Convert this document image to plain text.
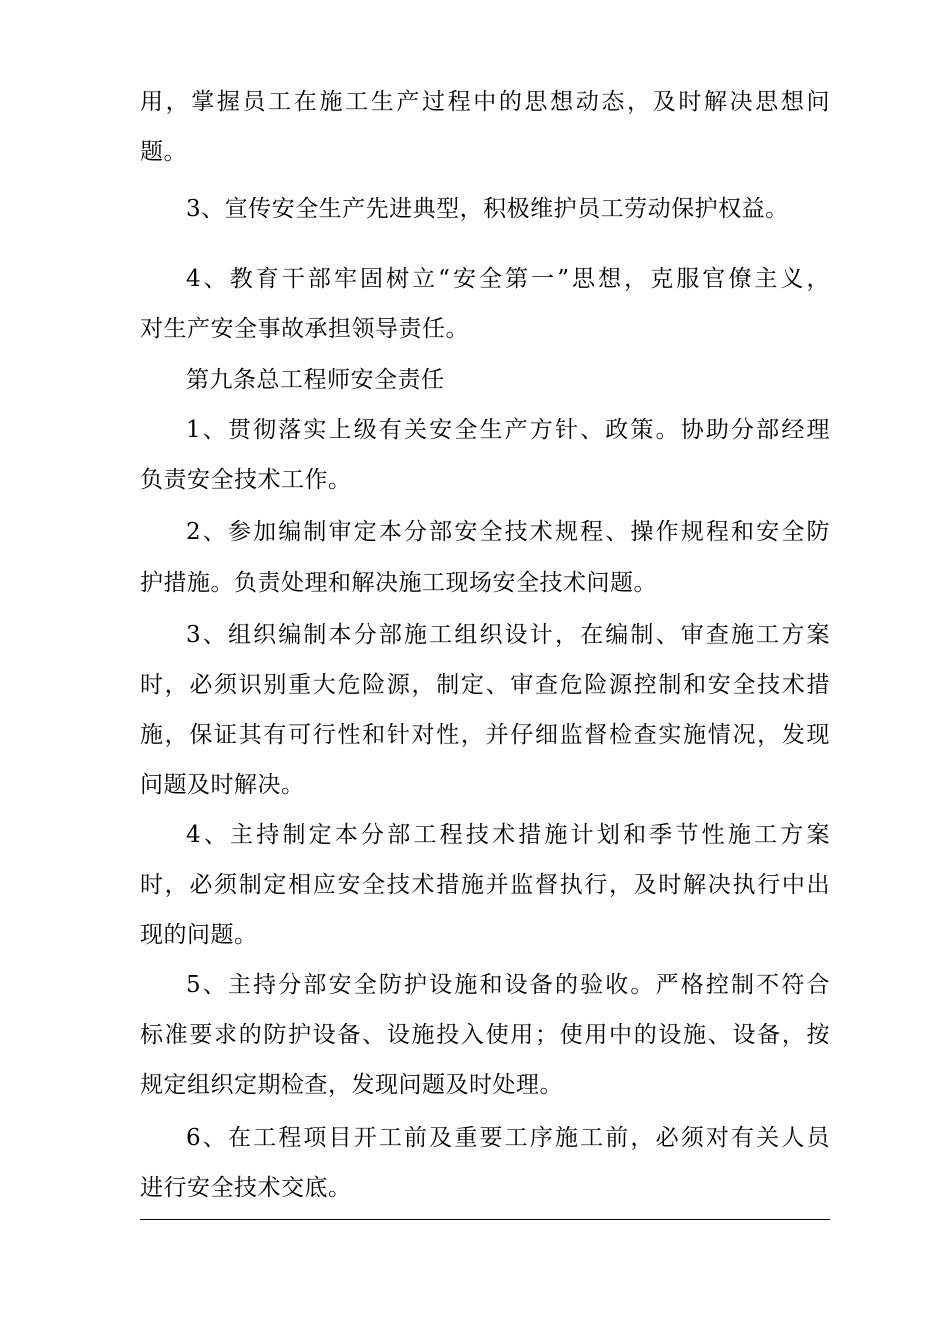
用，掌握员工在施工生产过程中的思想动态，及时解决思想问
题。
3、宣传安全生产先进典型，积极维护员工劳动保护权益。
4、教育干部牢固树立“安全第一”思想，克服官僚主义，
对生产安全事故承担领导责任。
第九条总工程师安全责任
1、贯彻落实上级有关安全生产方针、政策。协助分部经理
负责安全技术工作。
2、参加编制审定本分部安全技术规程、操作规程和安全防
护措施。负责处理和解决施工现场安全技术问题。
3、组织编制本分部施工组织设计，在编制、审查施工方案
时，必须识别重大危险源，制定、审查危险源控制和安全技术措
施，保证其有可行性和针对性，并仔细监督检查实施情况，发现
问题及时解决。
4、主持制定本分部工程技术措施计划和季节性施工方案
时，必须制定相应安全技术措施并监督执行，及时解决执行中出
现的问题。
5、主持分部安全防护设施和设备的验收。严格控制不符合
标准要求的防护设备、设施投入使用；使用中的设施、设备，按
规定组织定期检查，发现问题及时处理。
6、在工程项目开工前及重要工序施工前，必须对有关人员
进行安全技术交底。
